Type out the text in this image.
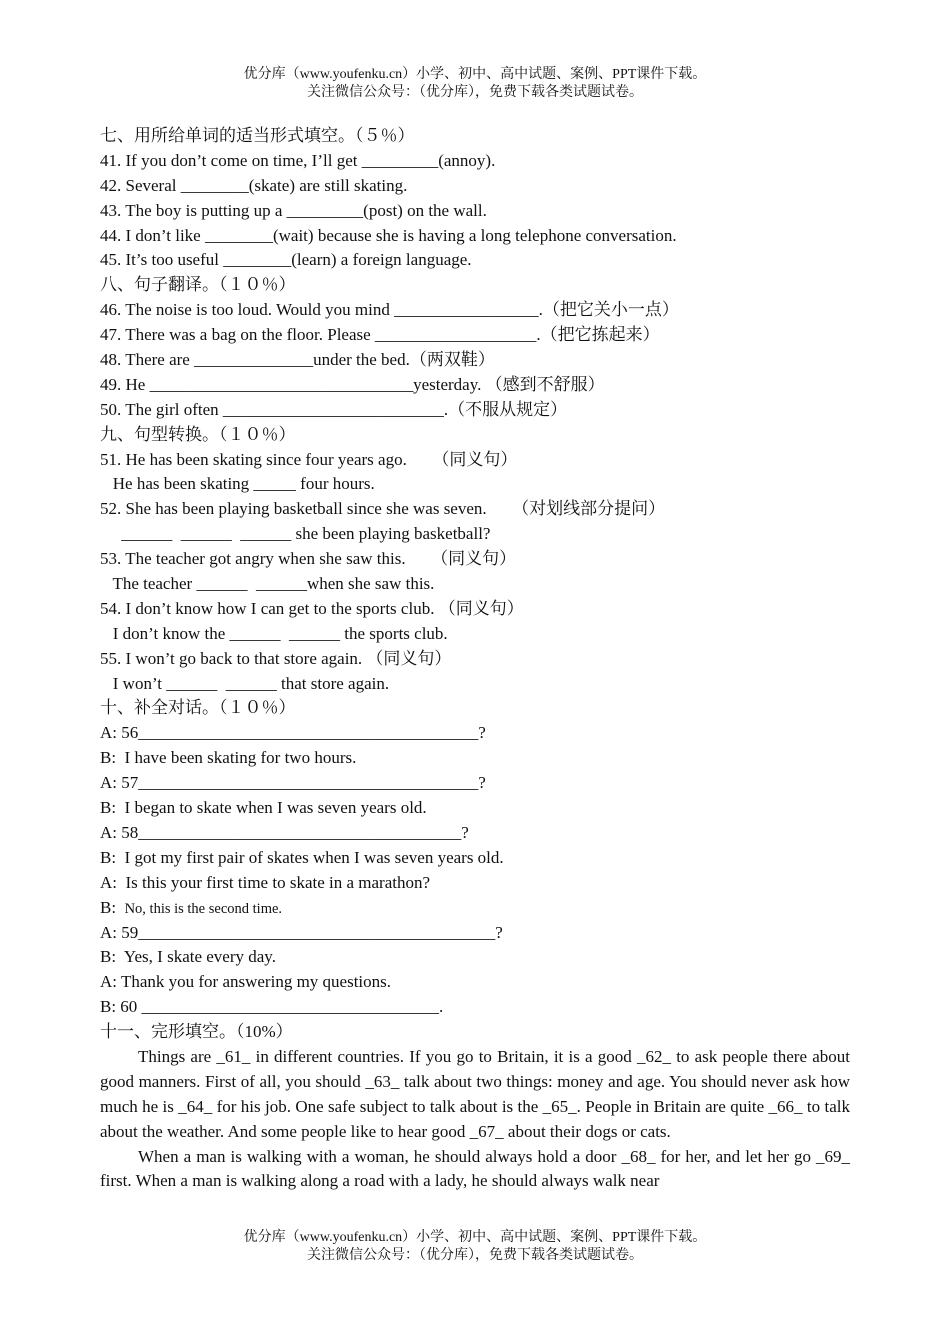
优分库（www.youfenku.cn）小学、初中、高中试题、案例、PPT课件下载。
关注微信公众号：（优分库），免费下载各类试题试卷。
七、用所给单词的适当形式填空。（５％）
41. If you don’t come on time, I’ll get _________(annoy).
42. Several ________(skate) are still skating.
43. The boy is putting up a _________(post) on the wall.
44. I don’t like ________(wait) because she is having a long telephone conversation.
45. It’s too useful ________(learn) a foreign language.
八、句子翻译。（１０％）
46. The noise is too loud. Would you mind _________________.（把它关小一点）
47. There was a bag on the floor. Please ___________________.（把它拣起来）
48. There are ______________under the bed.（两双鞋）
49. He _______________________________yesterday. （感到不舒服）
50. The girl often __________________________.（不服从规定）
九、句型转换。（１０％）
51. He has been skating since four years ago.      （同义句）
He has been skating _____ four hours.
52. She has been playing basketball since she was seven.      （对划线部分提问）
______  ______  ______ she been playing basketball?
53. The teacher got angry when she saw this.      （同义句）
The teacher ______  ______when she saw this.
54. I don’t know how I can get to the sports club. （同义句）
I don’t know the ______  ______ the sports club.
55. I won’t go back to that store again. （同义句）
I won’t ______  ______ that store again.
十、补全对话。（１０％）
A: 56________________________________________?
B:  I have been skating for two hours.
A: 57________________________________________?
B:  I began to skate when I was seven years old.
A: 58______________________________________?
B:  I got my first pair of skates when I was seven years old.
A:  Is this your first time to skate in a marathon?
B:  No, this is the second time.
A: 59__________________________________________?
B:  Yes, I skate every day.
A: Thank you for answering my questions.
B: 60 ___________________________________.
十一、完形填空。（10%）
Things are _61_ in different countries. If you go to Britain, it is a good _62_ to ask people there about good manners. First of all, you should _63_ talk about two things: money and age. You should never ask how much he is _64_ for his job. One safe subject to talk about is the _65_. People in Britain are quite _66_ to talk about the weather. And some people like to hear good _67_ about their dogs or cats.
When a man is walking with a woman, he should always hold a door _68_ for her, and let her go _69_ first. When a man is walking along a road with a lady, he should always walk near
优分库（www.youfenku.cn）小学、初中、高中试题、案例、PPT课件下载。
关注微信公众号：（优分库），免费下载各类试题试卷。
